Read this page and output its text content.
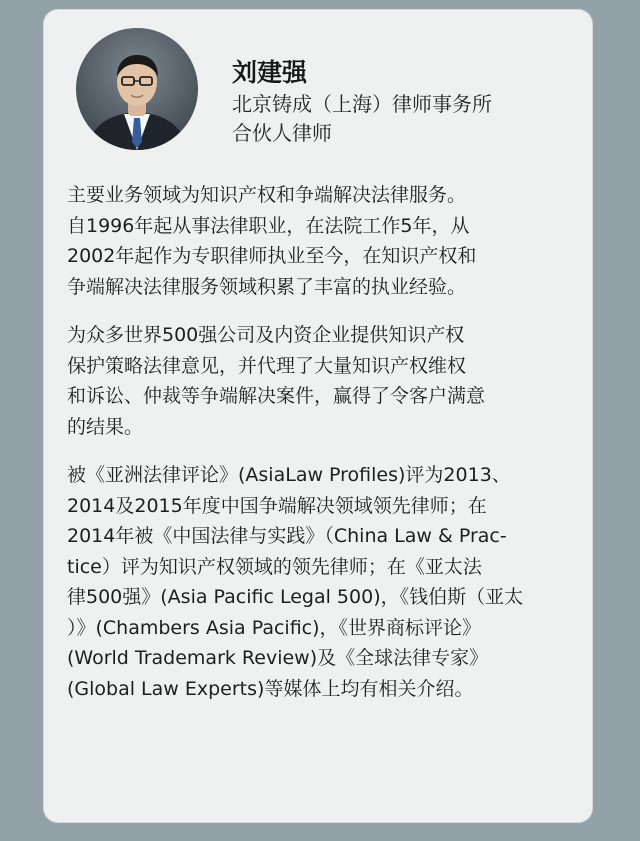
刘建强
北京铸成（上海）律师事务所
合伙人律师

主要业务领域为知识产权和争端解决法律服务。
自1996年起从事法律职业，在法院工作5年，从
2002年起作为专职律师执业至今，在知识产权和
争端解决法律服务领域积累了丰富的执业经验。

为众多世界500强公司及内资企业提供知识产权
保护策略法律意见，并代理了大量知识产权维权
和诉讼、仲裁等争端解决案件，赢得了令客户满意
的结果。

被《亚洲法律评论》(AsiaLaw Profiles)评为2013、
2014及2015年度中国争端解决领域领先律师；在
2014年被《中国法律与实践》（China Law & Prac-
tice）评为知识产权领域的领先律师；在《亚太法
律500强》(Asia Pacific Legal 500)，《钱伯斯（亚太
）》(Chambers Asia Pacific)，《世界商标评论》
(World Trademark Review)及《全球法律专家》
(Global Law Experts)等媒体上均有相关介绍。
